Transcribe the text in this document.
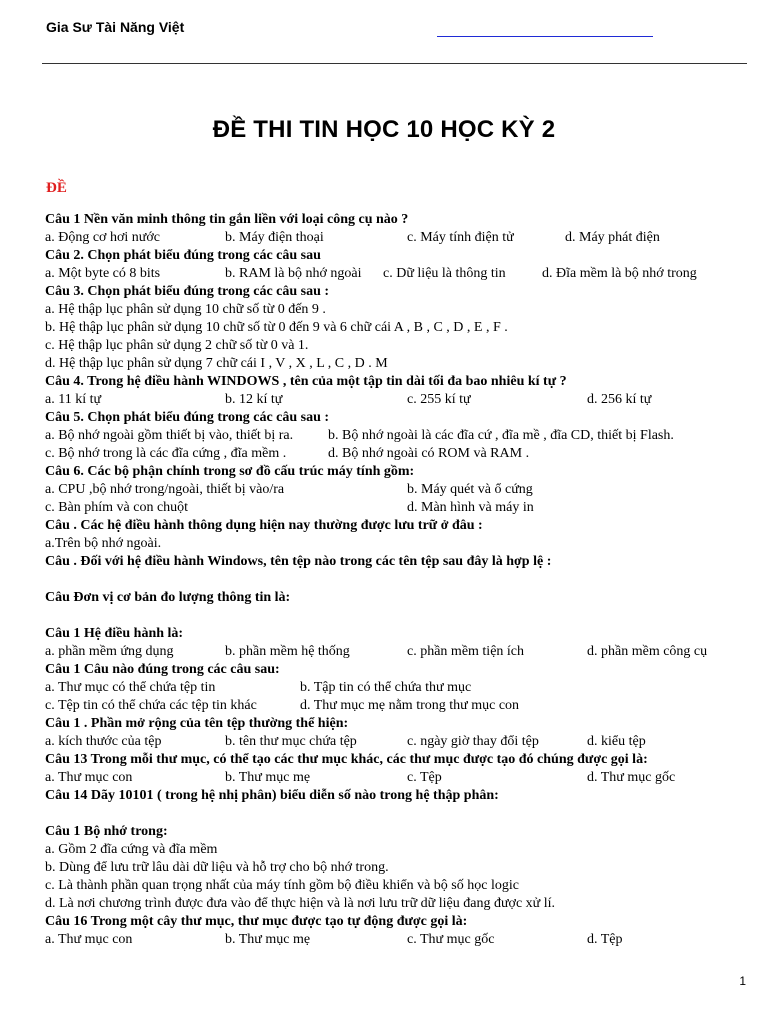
Gia Sư Tài Năng Việt
ĐỀ THI TIN HỌC 10 HỌC KỲ 2
ĐỀ
Câu 1 Nền văn minh thông tin gắn liền với loại công cụ nào ?
a. Động cơ hơi nước	b. Máy điện thoại	c. Máy tính điện tử	d. Máy phát điện
Câu 2. Chọn phát biểu đúng trong các câu sau
a. Một byte có 8 bits	b. RAM là bộ nhớ ngoài c. Dữ liệu là thông tin	d. Đĩa mềm là bộ nhớ trong
Câu 3. Chọn phát biểu đúng trong các câu sau :
a. Hệ thập lục phân sử dụng 10 chữ số từ 0 đến 9 .
b. Hệ thập lục phân sử dụng 10 chữ số từ 0 đến 9 và 6 chữ cái A , B , C , D , E , F .
c. Hệ thập lục phân sử dụng 2 chữ số từ 0 và 1.
d. Hệ thập lục phân sử dụng 7 chữ cái I , V , X , L , C , D . M
Câu 4. Trong hệ điều hành WINDOWS , tên của một tập tin dài tối đa bao nhiêu kí tự ?
a. 11 kí tự	b. 12 kí tự	c. 255 kí tự	d. 256 kí tự
Câu 5. Chọn phát biểu đúng trong các câu sau :
a. Bộ nhớ ngoài gồm thiết bị vào, thiết bị ra. b. Bộ nhớ ngoài là các đĩa cứ , đĩa mề , đĩa CD, thiết bị Flash.
c. Bộ nhớ trong là các đĩa cứng , đĩa mềm .	d. Bộ nhớ ngoài có ROM và RAM .
Câu 6. Các bộ phận chính trong sơ đồ cấu trúc máy tính gồm:
a. CPU ,bộ nhớ trong/ngoài, thiết bị vào/ra	b. Máy quét và ổ cứng
c. Bàn phím và con chuột	d. Màn hình và máy in
Câu . Các hệ điều hành thông dụng hiện nay thường được lưu trữ ở đâu :
a.Trên bộ nhớ ngoài.
Câu . Đối với hệ điều hành Windows, tên tệp nào trong các tên tệp sau đây là hợp lệ :
Câu Đơn vị cơ bản đo lượng thông tin là:
Câu 1 Hệ điều hành là:
a. phần mềm ứng dụng	b. phần mềm hệ thống	c. phần mềm tiện ích	d. phần mềm công cụ
Câu 1 Câu nào đúng trong các câu sau:
a. Thư mục có thể chứa tệp tin	b. Tập tin có thể chứa thư mục
c. Tệp tin có thể chứa các tệp tin khác	d. Thư mục mẹ nằm trong thư mục con
Câu 1 . Phần mở rộng của tên tệp thường thể hiện:
a. kích thước của tệp	b. tên thư mục chứa tệp	c. ngày giờ thay đổi tệp	d. kiểu tệp
Câu 13 Trong mỗi thư mục, có thể tạo các thư mục khác, các thư mục được tạo đó chúng được gọi là:
a. Thư mục con	b. Thư mục mẹ	c. Tệp	d. Thư mục gốc
Câu 14 Dãy 10101 ( trong hệ nhị phân) biểu diễn số nào trong hệ thập phân:
Câu 1 Bộ nhớ trong:
a. Gồm 2 đĩa cứng và đĩa mềm
b. Dùng để lưu trữ lâu dài dữ liệu và hỗ trợ cho bộ nhớ trong.
c. Là thành phần quan trọng nhất của máy tính gồm bộ điều khiển và bộ số học logic
d. Là nơi chương trình được đưa vào để thực hiện và là nơi lưu trữ dữ liệu đang được xử lí.
Câu 16 Trong một cây thư mục, thư mục được tạo tự động được gọi là:
a. Thư mục con	b. Thư mục mẹ	c. Thư mục gốc	d. Tệp
1
